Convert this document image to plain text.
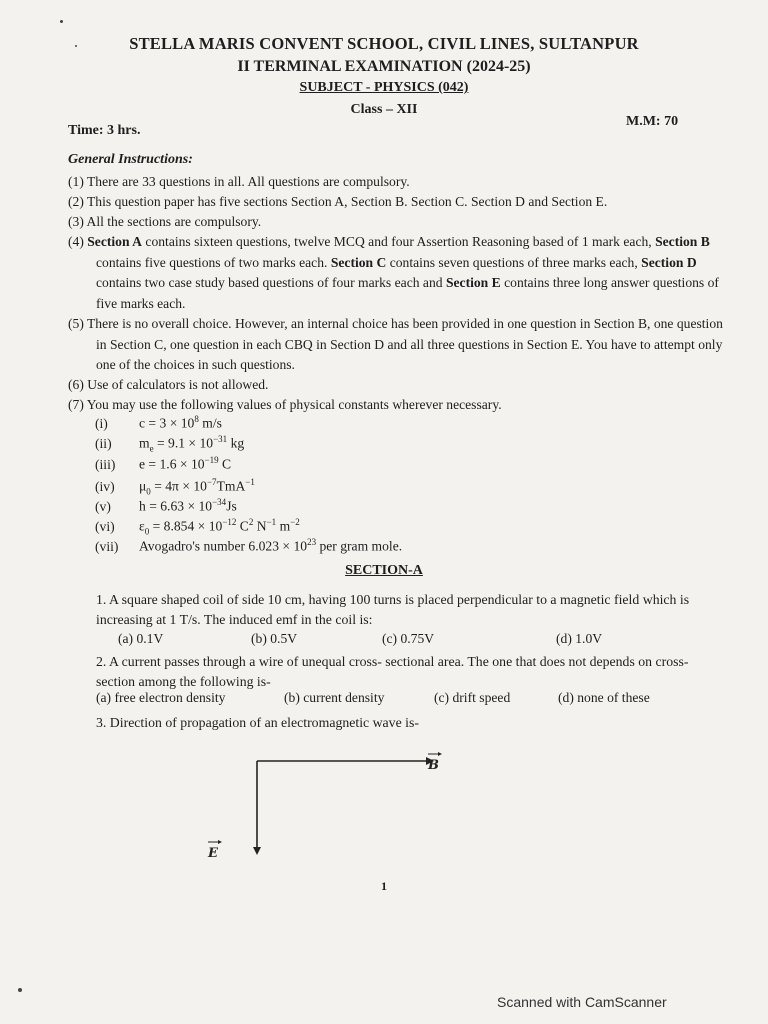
STELLA MARIS CONVENT SCHOOL, CIVIL LINES, SULTANPUR
II TERMINAL EXAMINATION (2024-25)
SUBJECT - PHYSICS (042)
Class – XII
Time: 3 hrs.
M.M: 70
General Instructions:
(1) There are 33 questions in all. All questions are compulsory.
(2) This question paper has five sections Section A, Section B. Section C. Section D and Section E.
(3) All the sections are compulsory.
(4) Section A contains sixteen questions, twelve MCQ and four Assertion Reasoning based of 1 mark each, Section B contains five questions of two marks each. Section C contains seven questions of three marks each, Section D contains two case study based questions of four marks each and Section E contains three long answer questions of five marks each.
(5) There is no overall choice. However, an internal choice has been provided in one question in Section B, one question in Section C, one question in each CBQ in Section D and all three questions in Section E. You have to attempt only one of the choices in such questions.
(6) Use of calculators is not allowed.
(7) You may use the following values of physical constants wherever necessary.
(i) $c = 3 \times 10^8$ m/s
(ii) $m_e = 9.1 \times 10^{-31}$ kg
(iii) $e = 1.6 \times 10^{-19}$ C
(iv) $\mu_0 = 4\pi \times 10^{-7}TmA^{-1}$
(v) $h = 6.63 \times 10^{-34}Js$
(vi) $\varepsilon_0 = 8.854 \times 10^{-12}$ $C^2$ $N^{-1}$ $m^{-2}$
(vii) Avogadro's number $6.023 \times 10^{23}$ per gram mole.
SECTION-A
1. A square shaped coil of side 10 cm, having 100 turns is placed perpendicular to a magnetic field which is increasing at 1 T/s. The induced emf in the coil is:
(a) 0.1V	(b) 0.5V	(c) 0.75V	(d) 1.0V
2. A current passes through a wire of unequal cross- sectional area. The one that does not depends on cross- section among the following is-
(a) free electron density	(b) current density	(c) drift speed	(d) none of these
3. Direction of propagation of an electromagnetic wave is-
B
E
1
Scanned with CamScanner
